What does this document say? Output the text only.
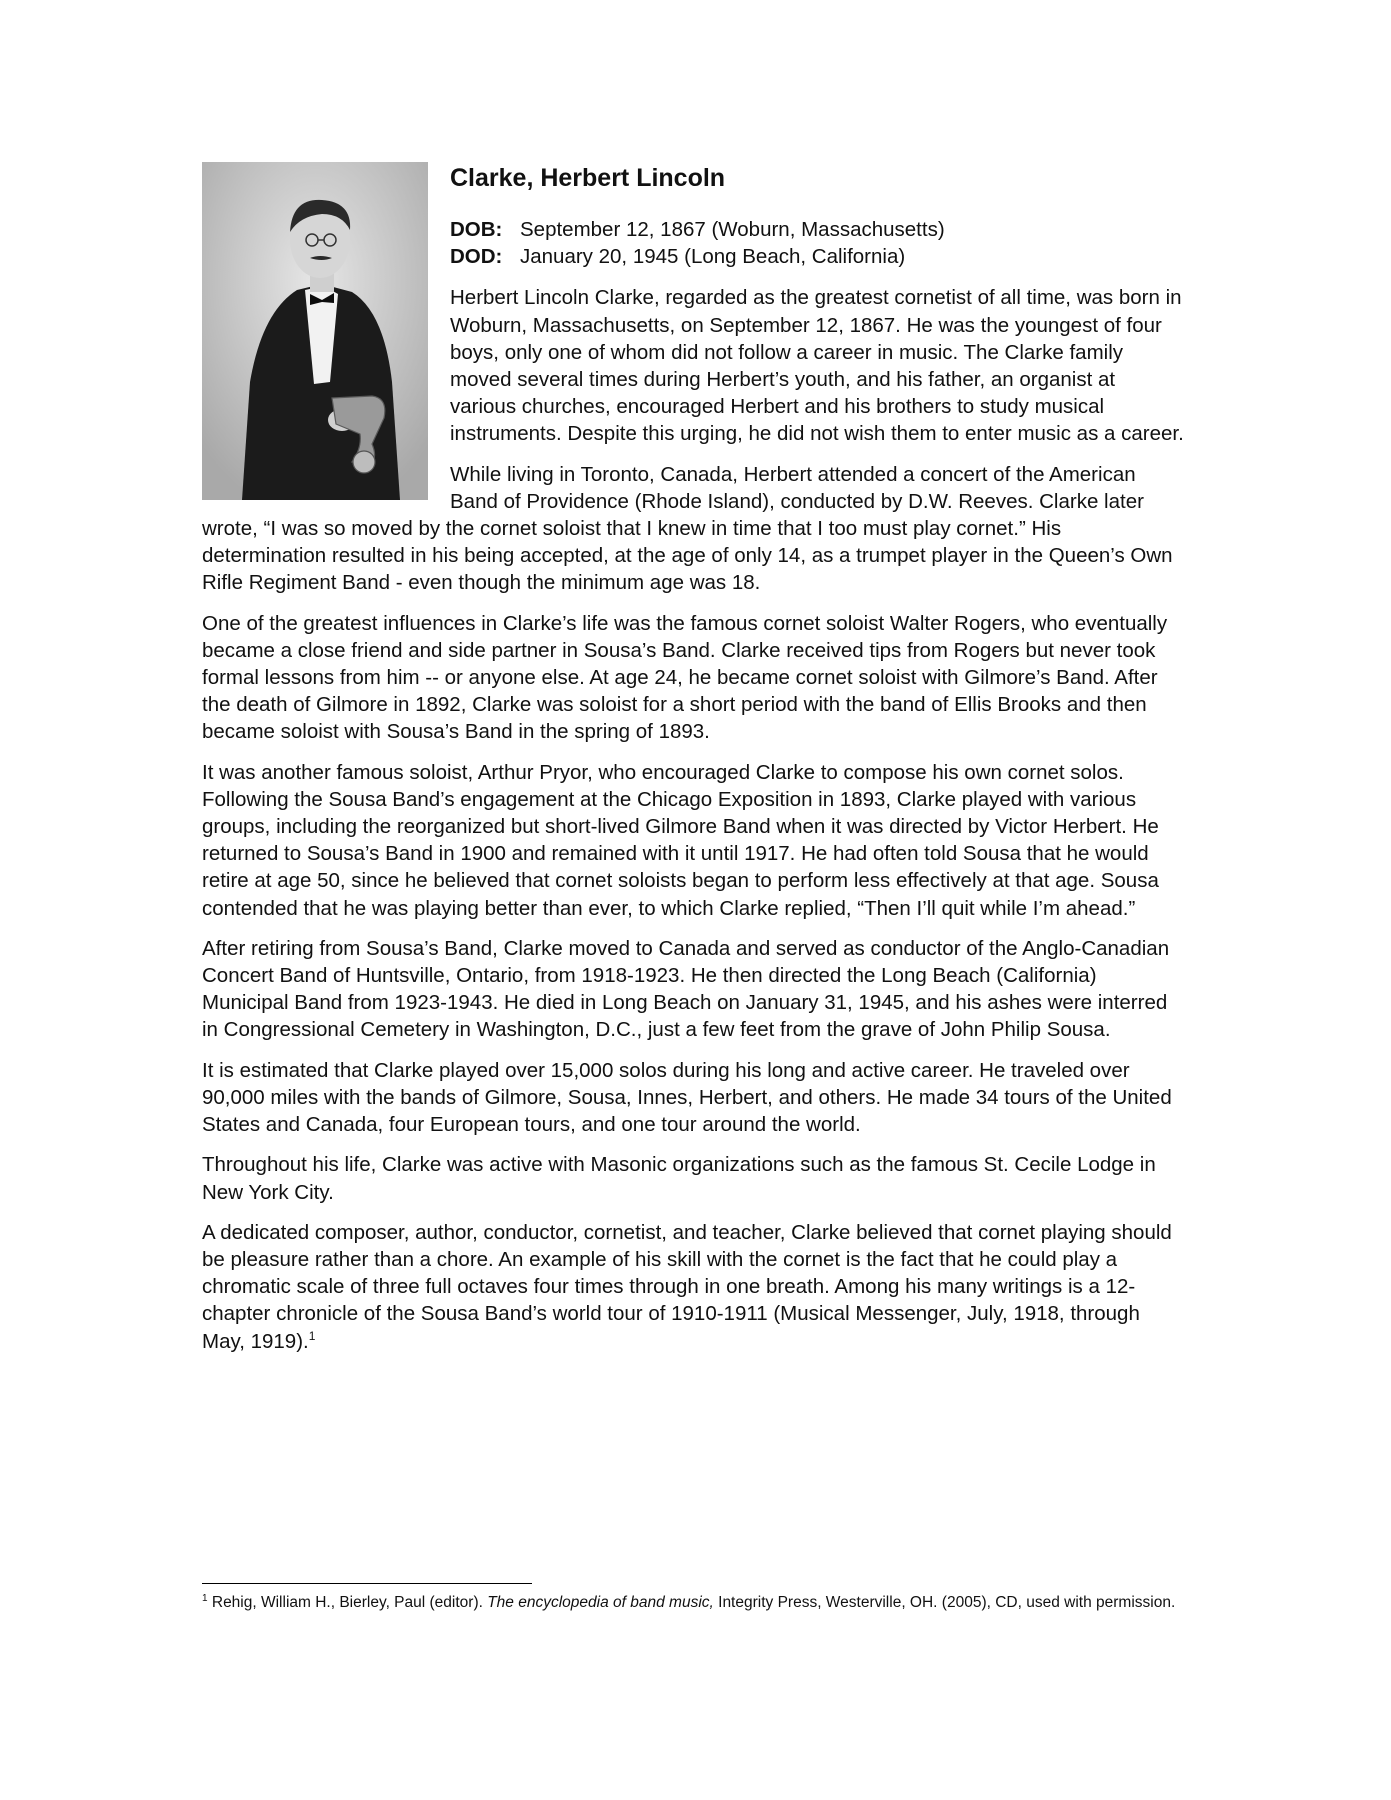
Clarke, Herbert Lincoln
DOB: September 12, 1867 (Woburn, Massachusetts)
DOD: January 20, 1945 (Long Beach, California)

Herbert Lincoln Clarke, regarded as the greatest cornetist of all time, was born in Woburn, Massachusetts, on September 12, 1867. He was the youngest of four boys, only one of whom did not follow a career in music. The Clarke family moved several times during Herbert’s youth, and his father, an organist at various churches, encouraged Herbert and his brothers to study musical instruments. Despite this urging, he did not wish them to enter music as a career.

While living in Toronto, Canada, Herbert attended a concert of the American Band of Providence (Rhode Island), conducted by D.W. Reeves. Clarke later wrote, “I was so moved by the cornet soloist that I knew in time that I too must play cornet.” His determination resulted in his being accepted, at the age of only 14, as a trumpet player in the Queen’s Own Rifle Regiment Band - even though the minimum age was 18.

One of the greatest influences in Clarke’s life was the famous cornet soloist Walter Rogers, who eventually became a close friend and side partner in Sousa’s Band. Clarke received tips from Rogers but never took formal lessons from him -- or anyone else. At age 24, he became cornet soloist with Gilmore’s Band. After the death of Gilmore in 1892, Clarke was soloist for a short period with the band of Ellis Brooks and then became soloist with Sousa’s Band in the spring of 1893.

It was another famous soloist, Arthur Pryor, who encouraged Clarke to compose his own cornet solos. Following the Sousa Band’s engagement at the Chicago Exposition in 1893, Clarke played with various groups, including the reorganized but short-lived Gilmore Band when it was directed by Victor Herbert. He returned to Sousa’s Band in 1900 and remained with it until 1917. He had often told Sousa that he would retire at age 50, since he believed that cornet soloists began to perform less effectively at that age. Sousa contended that he was playing better than ever, to which Clarke replied, “Then I’ll quit while I’m ahead.”

After retiring from Sousa’s Band, Clarke moved to Canada and served as conductor of the Anglo-Canadian Concert Band of Huntsville, Ontario, from 1918-1923. He then directed the Long Beach (California) Municipal Band from 1923-1943. He died in Long Beach on January 31, 1945, and his ashes were interred in Congressional Cemetery in Washington, D.C., just a few feet from the grave of John Philip Sousa.

It is estimated that Clarke played over 15,000 solos during his long and active career. He traveled over 90,000 miles with the bands of Gilmore, Sousa, Innes, Herbert, and others. He made 34 tours of the United States and Canada, four European tours, and one tour around the world.

Throughout his life, Clarke was active with Masonic organizations such as the famous St. Cecile Lodge in New York City.

A dedicated composer, author, conductor, cornetist, and teacher, Clarke believed that cornet playing should be pleasure rather than a chore. An example of his skill with the cornet is the fact that he could play a chromatic scale of three full octaves four times through in one breath. Among his many writings is a 12-chapter chronicle of the Sousa Band’s world tour of 1910-1911 (Musical Messenger, July, 1918, through May, 1919).$^1$

$^1$ Rehig, William H., Bierley, Paul (editor). The encyclopedia of band music, Integrity Press, Westerville, OH. (2005), CD, used with permission.
